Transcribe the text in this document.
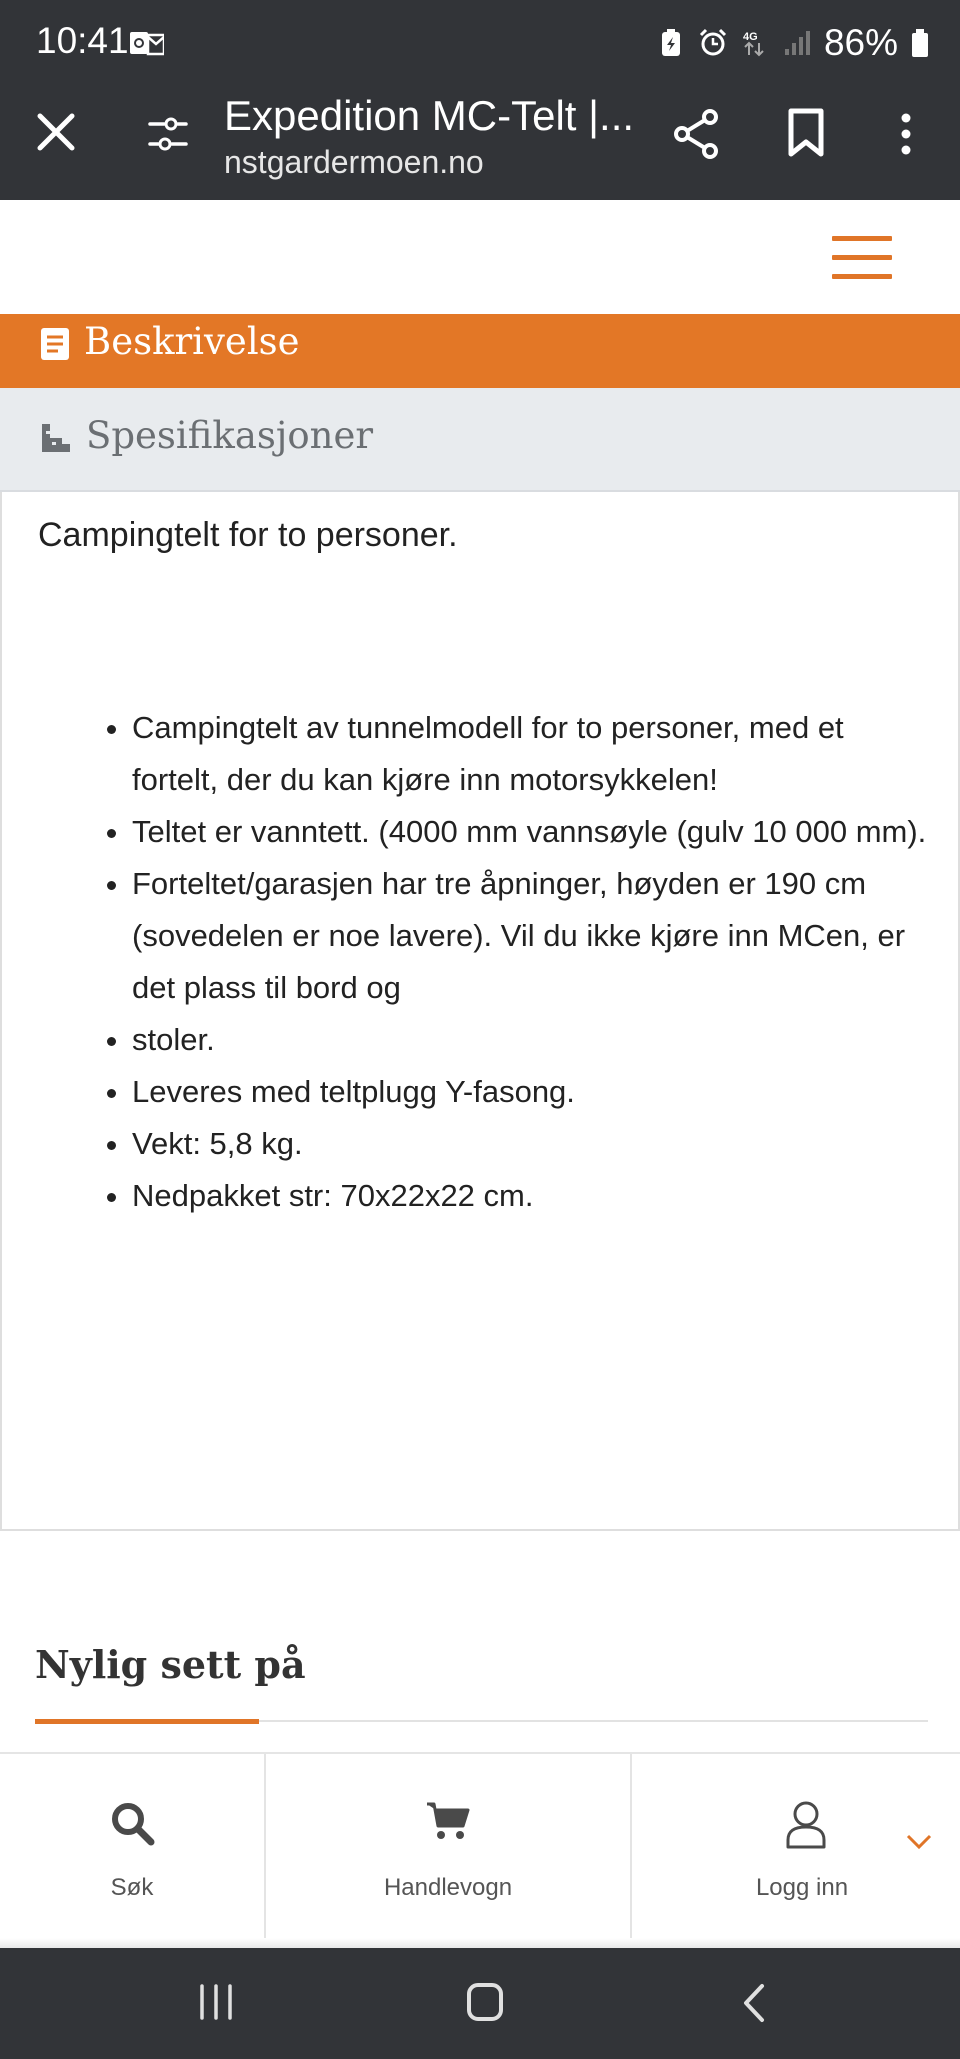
10:41	4G 86%
Expedition MC-Telt |...
nstgardermoen.no
Beskrivelse
Spesifikasjoner

Campingtelt for to personer.

• Campingtelt av tunnelmodell for to personer, med et fortelt, der du kan kjøre inn motorsykkelen!
• Teltet er vanntett. (4000 mm vannsøyle (gulv 10 000 mm).
• Forteltet/garasjen har tre åpninger, høyden er 190 cm (sovedelen er noe lavere). Vil du ikke kjøre inn MCen, er det plass til bord og
• stoler.
• Leveres med teltplugg Y-fasong.
• Vekt: 5,8 kg.
• Nedpakket str: 70x22x22 cm.
Nylig sett på
Søk	Handlevogn	Logg inn
